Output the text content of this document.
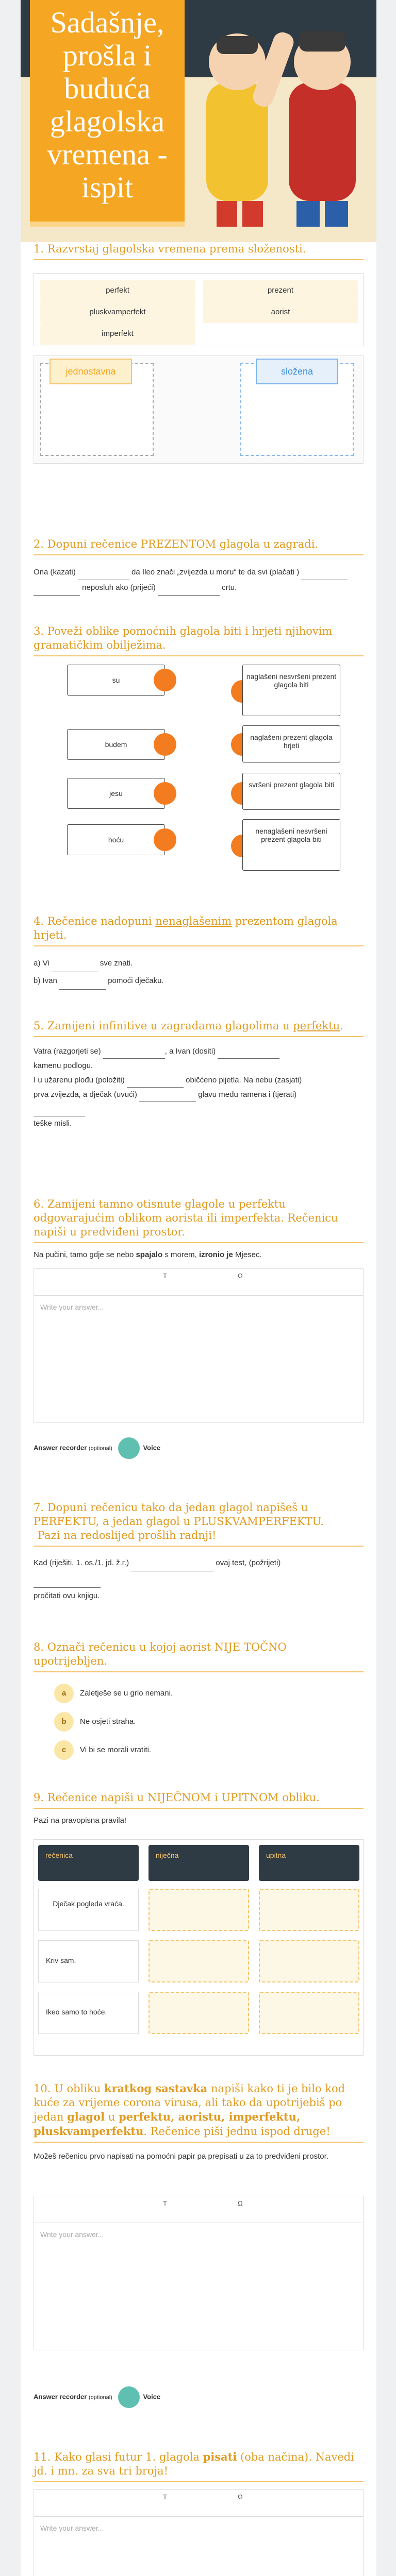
Sadašnje, prošla i buduća glagolska vremena - ispit
1. Razvrstaj glagolska vremena prema složenosti.
perfekt	prezent
pluskvamperfekt	aorist
imperfekt
jednostavna	složena
2. Dopuni rečenice PREZENTOM glagola u zagradi.
Ona (kazati)	da Ileo znači „zvijezda u moru“ te da svi (plačati )
neposluh ako (prijeći)	crtu.
3. Poveži oblike pomoćnih glagola biti i hrjeti njihovim gramatičkim obilježima.
su	naglašeni nesvršeni prezent glagola biti
budem
naglašeni prezent glagola hrjeti
jesu
svršeni prezent glagola biti
hoću
nenaglašeni nesvršeni prezent glagola biti
4. Rečenice nadopuni nenaglašenim prezentom glagola hrjeti.
a) Vi	sve znati.
b) Ivan	pomoći dječaku.
5. Zamijeni infinitive u zagradama glagolima u perfektu.
Vatra (razgorjeti se)	, a Ivan (dositi)
kamenu podlogu.
I u užarenu plođu (položiti)	običćeno pijetla. Na nebu (zasjati)
prva zvijezda, a dječak (uvući)	glavu među ramena i (tjerati)

teške misli.
6. Zamijeni tamno otisnute glagole u perfektu odgovarajućim oblikom aorista ili imperfekta. Rečenicu napiši u predviđeni prostor.
Na pučini, tamo gdje se nebo spajalo s morem, izronio je Mjesec.
T	Ω
Write your answer...
Answer recorder (optional)	Voice
7. Dopuni rečenicu tako da jedan glagol napišeš u PERFEKTU, a jedan glagol u PLUSKVAMPERFEKTU.
Pazi na redoslijed prošlih radnji!
Kad (riješiti, 1. os./1. jd. ž.r.)	ovaj test, (požrijeti)

pročitati ovu knjigu.
8. Označi rečenicu u kojoj aorist NIJE TOČNO upotrijebljen.
a	Zaletješe se u grlo nemani.
b	Ne osjeti straha.
c	Vi bi se morali vratiti.
9. Rečenice napiši u NIJEČNOM i UPITNOM obliku.
Pazi na pravopisna pravila!
rečenica	niječna	upitna
Dječak pogleda vraća.
Kriv sam.
Ikeo samo to hoće.
10. U obliku kratkog sastavka napiši kako ti je bilo kod kuće za vrijeme corona virusa, ali tako da upotrijebiš po jedan glagol u perfektu, aoristu, imperfektu, pluskvamperfektu. Rečenice piši jednu ispod druge!
Možeš rečenicu prvo napisati na pomoćni papir pa prepisati u za to predviđeni prostor.
T	Ω
Write your answer...
Answer recorder (optional)	Voice
11. Kako glasi futur 1. glagola pisati (oba načina). Navedi jd. i mn. za sva tri broja!
T	Ω
Write your answer...
